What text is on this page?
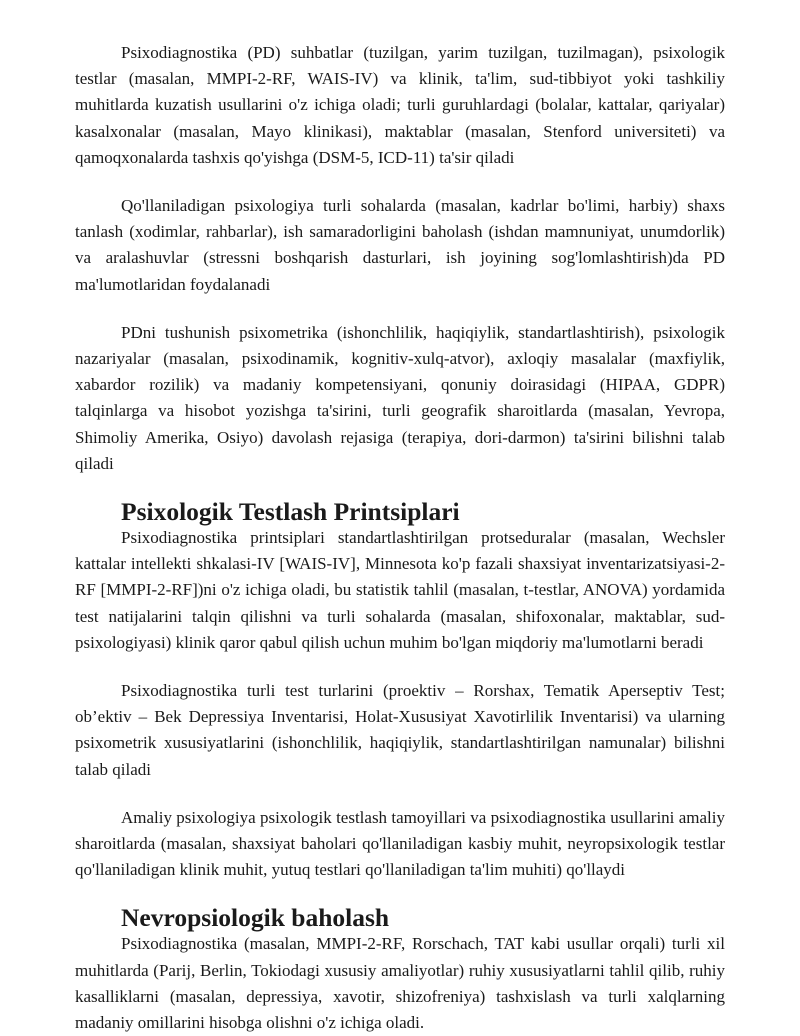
Psixodiagnostika (PD) suhbatlar (tuzilgan, yarim tuzilgan, tuzilmagan), psixologik testlar (masalan, MMPI-2-RF, WAIS-IV) va klinik, ta'lim, sud-tibbiyot yoki tashkiliy muhitlarda kuzatish usullarini o'z ichiga oladi; turli guruhlardagi (bolalar, kattalar, qariyalar) kasalxonalar (masalan, Mayo klinikasi), maktablar (masalan, Stenford universiteti) va qamoqxonalarda tashxis qo'yishga (DSM-5, ICD-11) ta'sir qiladi

Qo'llaniladigan psixologiya turli sohalarda (masalan, kadrlar bo'limi, harbiy) shaxs tanlash (xodimlar, rahbarlar), ish samaradorligini baholash (ishdan mamnuniyat, unumdorlik) va aralashuvlar (stressni boshqarish dasturlari, ish joyining sog'lomlashtirish)da PD ma'lumotlaridan foydalanadi

PDni tushunish psixometrika (ishonchlilik, haqiqiylik, standartlashtirish), psixologik nazariyalar (masalan, psixodinamik, kognitiv-xulq-atvor), axloqiy masalalar (maxfiylik, xabardor rozilik) va madaniy kompetensiyani, qonuniy doirasidagi (HIPAA, GDPR) talqinlarga va hisobot yozishga ta'sirini, turli geografik sharoitlarda (masalan, Yevropa, Shimoliy Amerika, Osiyo) davolash rejasiga (terapiya, dori-darmon) ta'sirini bilishni talab qiladi

Psixologik Testlash Printsiplari

Psixodiagnostika printsiplari standartlashtirilgan protseduralar (masalan, Wechsler kattalar intellekti shkalasi-IV [WAIS-IV], Minnesota ko'p fazali shaxsiyat inventarizatsiyasi-2-RF [MMPI-2-RF])ni o'z ichiga oladi, bu statistik tahlil (masalan, t-testlar, ANOVA) yordamida test natijalarini talqin qilishni va turli sohalarda (masalan, shifoxonalar, maktablar, sud-psixologiyasi) klinik qaror qabul qilish uchun muhim bo'lgan miqdoriy ma'lumotlarni beradi

Psixodiagnostika turli test turlarini (proektiv – Rorshax, Tematik Aperseptiv Test; ob’ektiv – Bek Depressiya Inventarisi, Holat-Xususiyat Xavotirlilik Inventarisi) va ularning psixometrik xususiyatlarini (ishonchlilik, haqiqiylik, standartlashtirilgan namunalar) bilishni talab qiladi

Amaliy psixologiya psixologik testlash tamoyillari va psixodiagnostika usullarini amaliy sharoitlarda (masalan, shaxsiyat baholari qo'llaniladigan kasbiy muhit, neyropsixologik testlar qo'llaniladigan klinik muhit, yutuq testlari qo'llaniladigan ta'lim muhiti) qo'llaydi

Nevropsiologik baholash

Psixodiagnostika (masalan, MMPI-2-RF, Rorschach, TAT kabi usullar orqali) turli xil muhitlarda (Parij, Berlin, Tokiodagi xususiy amaliyotlar) ruhiy xususiyatlarni tahlil qilib, ruhiy kasalliklarni (masalan, depressiya, xavotir, shizofreniya) tashxislash va turli xalqlarning madaniy omillarini hisobga olishni o'z ichiga oladi.
